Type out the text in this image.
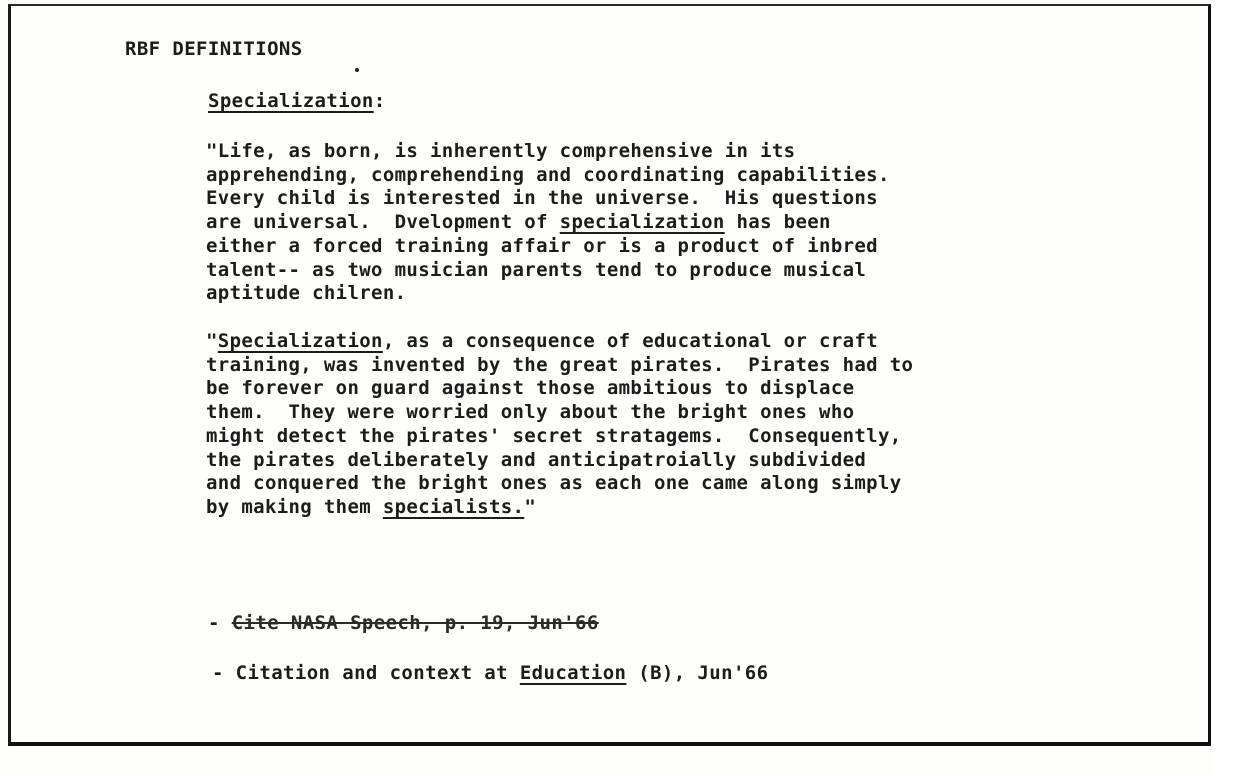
RBF DEFINITIONS
Specialization:
"Life, as born, is inherently comprehensive in its
apprehending, comprehending and coordinating capabilities.
Every child is interested in the universe.  His questions
are universal.  Dvelopment of specialization has been
either a forced training affair or is a product of inbred
talent-- as two musician parents tend to produce musical
aptitude chilren.
"Specialization, as a consequence of educational or craft
training, was invented by the great pirates.  Pirates had to
be forever on guard against those ambitious to displace
them.  They were worried only about the bright ones who
might detect the pirates' secret stratagems.  Consequently,
the pirates deliberately and anticipatroially subdivided
and conquered the bright ones as each one came along simply
by making them specialists."
- Cite NASA Speech, p. 19, Jun'66
- Citation and context at Education (B), Jun'66
